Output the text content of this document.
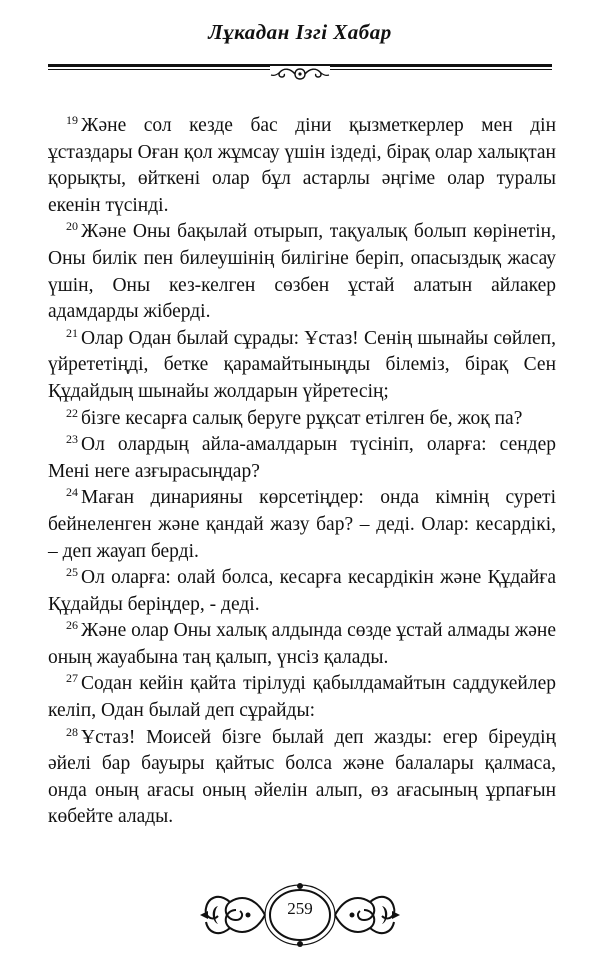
Лұкадан Ізгі Хабар

$^{19}$ Және сол кезде бас діни қызметкерлер мен дін ұстаздары Оған қол жұмсау үшін іздеді, бірақ олар халықтан қорықты, өйткені олар бұл астарлы әңгіме олар туралы екенін түсінді.

$^{20}$ Және Оны бақылай отырып, тақуалық болып көрінетін, Оны билік пен билеушінің билігіне беріп, опасыздық жасау үшін, Оны кез-келген сөзбен ұстай алатын айлакер адамдарды жіберді.

$^{21}$ Олар Одан былай сұрады: Ұстаз! Сенің шынайы сөйлеп, үйрететіңді, бетке қарамайтыныңды білеміз, бірақ Сен Құдайдың шынайы жолдарын үйретесің;

$^{22}$ бізге кесарға салық беруге рұқсат етілген бе, жоқ па?

$^{23}$ Ол олардың айла-амалдарын түсініп, оларға: сендер Мені неге азғырасыңдар?

$^{24}$ Маған динарияны көрсетіңдер: онда кімнің суреті бейнеленген және қандай жазу бар? – деді. Олар: кесардікі, – деп жауап берді.

$^{25}$ Ол оларға: олай болса, кесарға кесардікін және Құдайға Құдайды беріңдер, - деді.

$^{26}$ Және олар Оны халық алдында сөзде ұстай алмады және оның жауабына таң қалып, үнсіз қалады.

$^{27}$ Содан кейін қайта тірілуді қабылдамайтын саддукейлер келіп, Одан былай деп сұрайды:

$^{28}$ Ұстаз! Моисей бізге былай деп жазды: егер біреудің әйелі бар бауыры қайтыс болса және балалары қалмаса, онда оның ағасы оның әйелін алып, өз ағасының ұрпағын көбейте алады.

259
